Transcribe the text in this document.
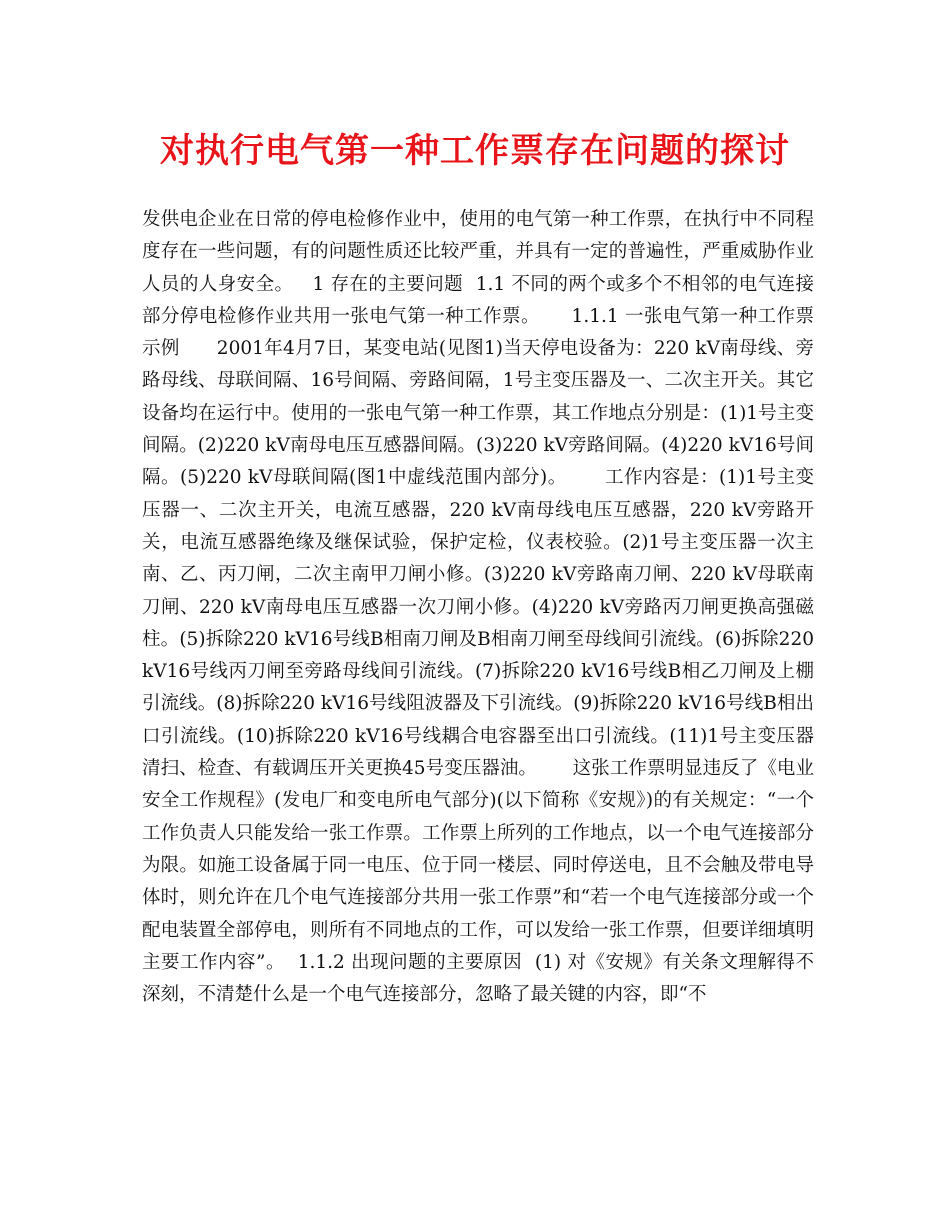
对执行电气第一种工作票存在问题的探讨

发供电企业在日常的停电检修作业中，使用的电气第一种工作票，在执行中不同程度存在一些问题，有的问题性质还比较严重，并具有一定的普遍性，严重威胁作业人员的人身安全。   1 存在的主要问题  1.1 不同的两个或多个不相邻的电气连接部分停电检修作业共用一张电气第一种工作票。     1.1.1 一张电气第一种工作票示例      2001年4月7日，某变电站(见图1)当天停电设备为：220 kV南母线、旁路母线、母联间隔、16号间隔、旁路间隔，1号主变压器及一、二次主开关。其它设备均在运行中。使用的一张电气第一种工作票，其工作地点分别是：(1)1号主变间隔。(2)220 kV南母电压互感器间隔。(3)220 kV旁路间隔。(4)220 kV16号间隔。(5)220 kV母联间隔(图1中虚线范围内部分)。      工作内容是：(1)1号主变压器一、二次主开关，电流互感器，220 kV南母线电压互感器，220 kV旁路开关，电流互感器绝缘及继保试验，保护定检，仪表校验。(2)1号主变压器一次主南、乙、丙刀闸，二次主南甲刀闸小修。(3)220 kV旁路南刀闸、220 kV母联南刀闸、220 kV南母电压互感器一次刀闸小修。(4)220 kV旁路丙刀闸更换高强磁柱。(5)拆除220 kV16号线B相南刀闸及B相南刀闸至母线间引流线。(6)拆除220 kV16号线丙刀闸至旁路母线间引流线。(7)拆除220 kV16号线B相乙刀闸及上棚引流线。(8)拆除220 kV16号线阻波器及下引流线。(9)拆除220 kV16号线B相出口引流线。(10)拆除220 kV16号线耦合电容器至出口引流线。(11)1号主变压器清扫、检查、有载调压开关更换45号变压器油。      这张工作票明显违反了《电业安全工作规程》(发电厂和变电所电气部分)(以下简称《安规》)的有关规定：“一个工作负责人只能发给一张工作票。工作票上所列的工作地点，以一个电气连接部分为限。如施工设备属于同一电压、位于同一楼层、同时停送电，且不会触及带电导体时，则允许在几个电气连接部分共用一张工作票”和“若一个电气连接部分或一个配电装置全部停电，则所有不同地点的工作，可以发给一张工作票，但要详细填明主要工作内容”。  1.1.2 出现问题的主要原因  (1) 对《安规》有关条文理解得不深刻，不清楚什么是一个电气连接部分，忽略了最关键的内容，即“不
